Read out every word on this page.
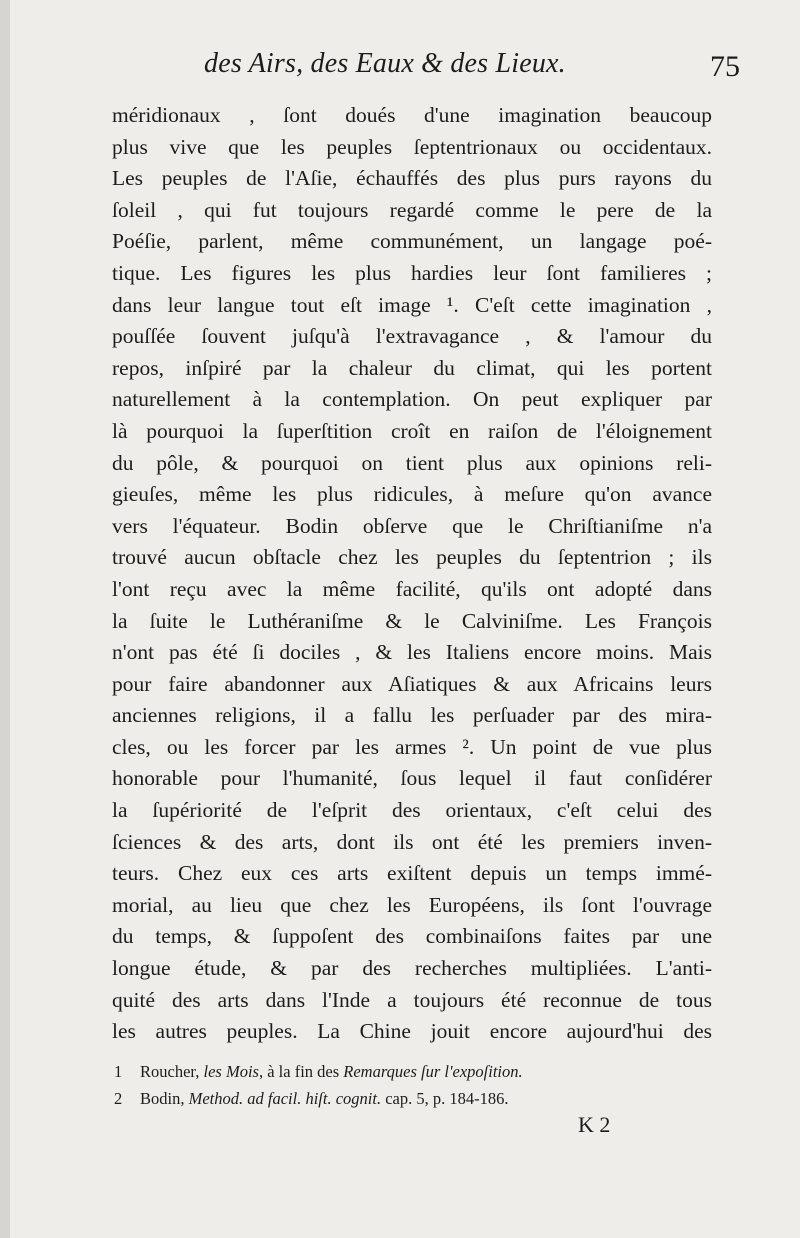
des Airs, des Eaux & des Lieux.	75
méridionaux , ſont doués d'une imagination beaucoup
plus vive que les peuples ſeptentrionaux ou occidentaux.
Les peuples de l'Aſie, échauffés des plus purs rayons du
ſoleil , qui fut toujours regardé comme le pere de la
Poéſie, parlent, même communément, un langage poé-
tique. Les figures les plus hardies leur ſont familieres ;
dans leur langue tout eſt image ¹. C'eſt cette imagination ,
pouſſée ſouvent juſqu'à l'extravagance , & l'amour du
repos, inſpiré par la chaleur du climat, qui les portent
naturellement à la contemplation. On peut expliquer par
là pourquoi la ſuperſtition croît en raiſon de l'éloignement
du pôle, & pourquoi on tient plus aux opinions reli-
gieuſes, même les plus ridicules, à meſure qu'on avance
vers l'équateur. Bodin obſerve que le Chriſtianiſme n'a
trouvé aucun obſtacle chez les peuples du ſeptentrion ; ils
l'ont reçu avec la même facilité, qu'ils ont adopté dans
la ſuite le Luthéraniſme & le Calviniſme. Les François
n'ont pas été ſi dociles , & les Italiens encore moins. Mais
pour faire abandonner aux Aſiatiques & aux Africains leurs
anciennes religions, il a fallu les perſuader par des mira-
cles, ou les forcer par les armes ². Un point de vue plus
honorable pour l'humanité, ſous lequel il faut conſidérer
la ſupériorité de l'eſprit des orientaux, c'eſt celui des
ſciences & des arts, dont ils ont été les premiers inven-
teurs. Chez eux ces arts exiſtent depuis un temps immé-
morial, au lieu que chez les Européens, ils ſont l'ouvrage
du temps, & ſuppoſent des combinaiſons faites par une
longue étude, & par des recherches multipliées. L'anti-
quité des arts dans l'Inde a toujours été reconnue de tous
les autres peuples. La Chine jouit encore aujourd'hui des
1 Roucher, les Mois, à la fin des Remarques ſur l'expoſition.
2 Bodin, Method. ad facil. hiſt. cognit. cap. 5, p. 184-186.
K 2
